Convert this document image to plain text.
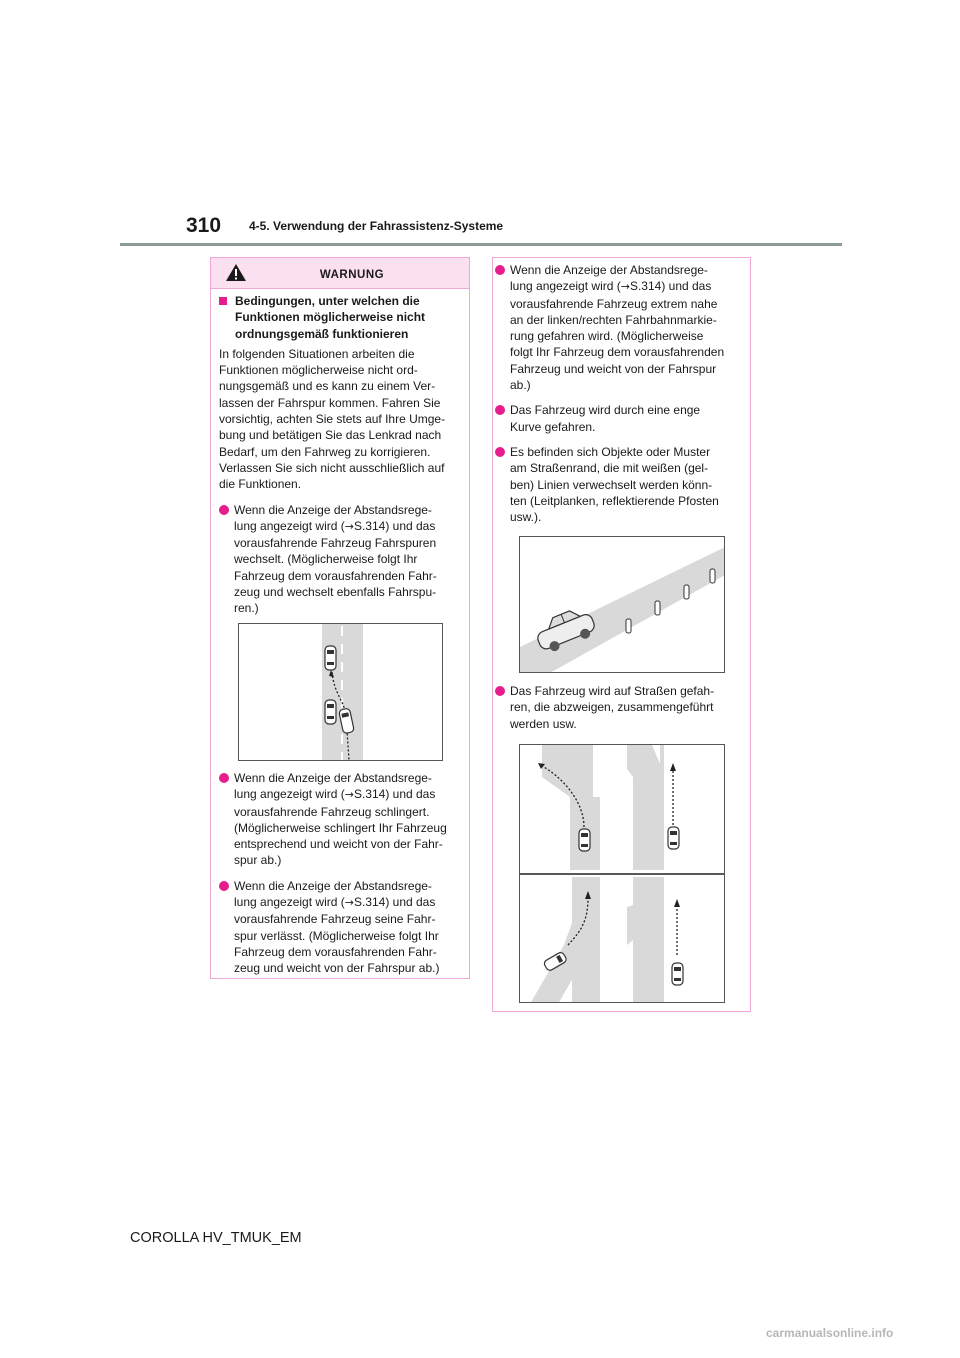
310 4-5. Verwendung der Fahrassistenz-Systeme
$_{WARNUNG}$

Bedingungen, unter welchen die Funktionen möglicherweise nicht ordnungsgemäß funktionieren

In folgenden Situationen arbeiten die
Funktionen möglicherweise nicht ord-
nungsgemäß und es kann zu einem Ver-
lassen der Fahrspur kommen. Fahren Sie
vorsichtig, achten Sie stets auf Ihre Umge-
bung und betätigen Sie das Lenkrad nach
Bedarf, um den Fahrweg zu korrigieren.
Verlassen Sie sich nicht ausschließlich auf
die Funktionen.

Wenn die Anzeige der Abstandsrege-
lung angezeigt wird (→S.314) und das
vorausfahrende Fahrzeug Fahrspuren
wechselt. (Möglicherweise folgt Ihr
Fahrzeug dem vorausfahrenden Fahr-
zeug und wechselt ebenfalls Fahrspu-
ren.)
Wenn die Anzeige der Abstandsrege-
lung angezeigt wird (→S.314) und das
vorausfahrende Fahrzeug schlingert.
(Möglicherweise schlingert Ihr Fahrzeug
entsprechend und weicht von der Fahr-
spur ab.)
Wenn die Anzeige der Abstandsrege-
lung angezeigt wird (→S.314) und das
vorausfahrende Fahrzeug seine Fahr-
spur verlässt. (Möglicherweise folgt Ihr
Fahrzeug dem vorausfahrenden Fahr-
zeug und weicht von der Fahrspur ab.)
Wenn die Anzeige der Abstandsrege-
lung angezeigt wird (→S.314) und das
vorausfahrende Fahrzeug extrem nahe
an der linken/rechten Fahrbahnmarkie-
rung gefahren wird. (Möglicherweise
folgt Ihr Fahrzeug dem vorausfahrenden
Fahrzeug und weicht von der Fahrspur
ab.)
Das Fahrzeug wird durch eine enge
Kurve gefahren.
Es befinden sich Objekte oder Muster
am Straßenrand, die mit weißen (gel-
ben) Linien verwechselt werden könn-
ten (Leitplanken, reflektierende Pfosten
usw.).
Das Fahrzeug wird auf Straßen gefah-
ren, die abzweigen, zusammengeführt
werden usw.
COROLLA HV_TMUK_EM
carmanualsonline.info
